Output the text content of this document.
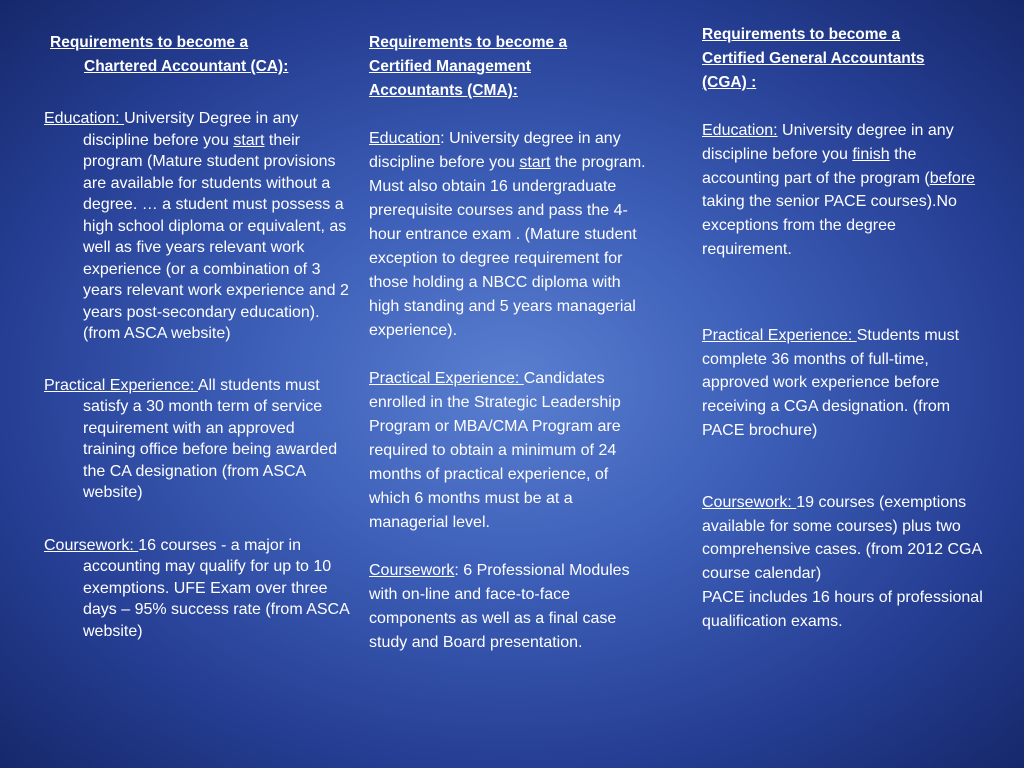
Requirements to become a
Chartered Accountant (CA):

Education: University Degree in any discipline before you start their program (Mature student provisions are available for students without a degree. … a student must possess a high school diploma or equivalent, as well as five years relevant work experience (or a combination of 3 years relevant work experience and 2 years post-secondary education). (from ASCA website)

Practical Experience: All students must satisfy a 30 month term of service requirement with an approved training office before being awarded the CA designation (from ASCA website)

Coursework: 16 courses - a major in accounting may qualify for up to 10 exemptions. UFE Exam over three days – 95% success rate (from ASCA website)

Requirements to become a Certified Management Accountants (CMA):

Education: University degree in any discipline before you start the program. Must also obtain 16 undergraduate prerequisite courses and pass the 4-hour entrance exam . (Mature student exception to degree requirement for those holding a NBCC diploma with high standing and 5 years managerial experience).

Practical Experience: Candidates enrolled in the Strategic Leadership Program or MBA/CMA Program are required to obtain a minimum of 24 months of practical experience, of which 6 months must be at a managerial level.

Coursework: 6 Professional Modules with on-line and face-to-face components as well as a final case study and Board presentation.

Requirements to become a Certified General Accountants (CGA) :

Education: University degree in any discipline before you finish the accounting part of the program (before taking the senior PACE courses).No exceptions from the degree requirement.

Practical Experience: Students must complete 36 months of full-time, approved work experience before receiving a CGA designation. (from PACE brochure)

Coursework: 19 courses (exemptions available for some courses) plus two comprehensive cases. (from 2012 CGA course calendar)

PACE includes 16 hours of professional qualification exams.
